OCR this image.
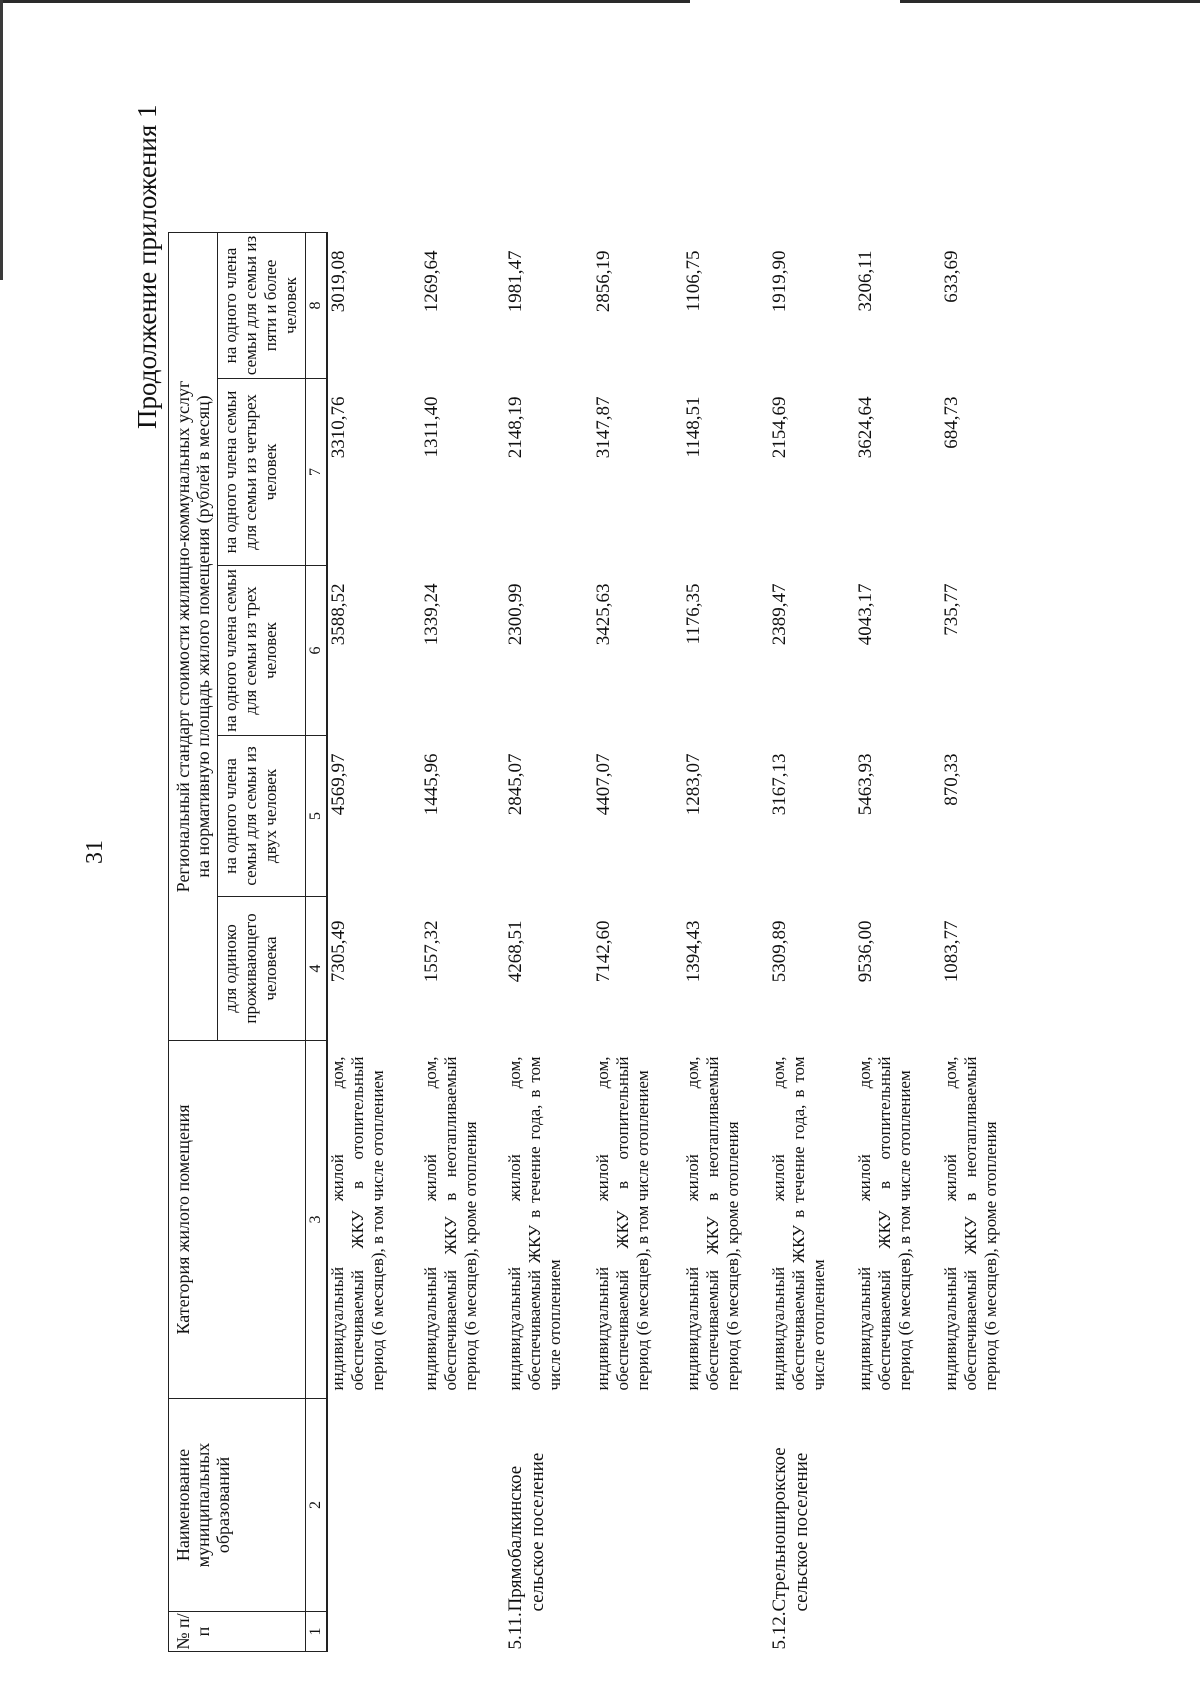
31
Продолжение приложения 1
№ п/п	Наименование муниципальных образований	Категория жилого помещения	Региональный стандарт стоимости жилищно-коммунальных услуг на нормативную площадь жилого помещения (рублей в месяц)				

			для одиноко проживающего человека	на одного члена семьи для семьи из двух человек	на одного члена семьи для семьи из трех человек	на одного члена семьи для семьи из четырех человек	на одного члена семьи для семьи из пяти и более человек
1	2	3	4	5	6	7	8
		индивидуальный жилой дом, обеспечиваемый ЖКУ в отопительный период (6 месяцев), в том числе отоплением	7305,49	4569,97	3588,52	3310,76	3019,08
		индивидуальный жилой дом, обеспечиваемый ЖКУ в неотапливаемый период (6 месяцев), кроме отопления	1557,32	1445,96	1339,24	1311,40	1269,64
5.11.	Прямобалкинское сельское поселение	индивидуальный жилой дом, обеспечиваемый ЖКУ в течение года, в том числе отоплением	4268,51	2845,07	2300,99	2148,19	1981,47
		индивидуальный жилой дом, обеспечиваемый ЖКУ в отопительный период (6 месяцев), в том числе отоплением	7142,60	4407,07	3425,63	3147,87	2856,19
		индивидуальный жилой дом, обеспечиваемый ЖКУ в неотапливаемый период (6 месяцев), кроме отопления	1394,43	1283,07	1176,35	1148,51	1106,75
5.12.	Стрельноширокское сельское поселение	индивидуальный жилой дом, обеспечиваемый ЖКУ в течение года, в том числе отоплением	5309,89	3167,13	2389,47	2154,69	1919,90
		индивидуальный жилой дом, обеспечиваемый ЖКУ в отопительный период (6 месяцев), в том числе отоплением	9536,00	5463,93	4043,17	3624,64	3206,11
		индивидуальный жилой дом, обеспечиваемый ЖКУ в неотапливаемый период (6 месяцев), кроме отопления	1083,77	870,33	735,77	684,73	633,69
